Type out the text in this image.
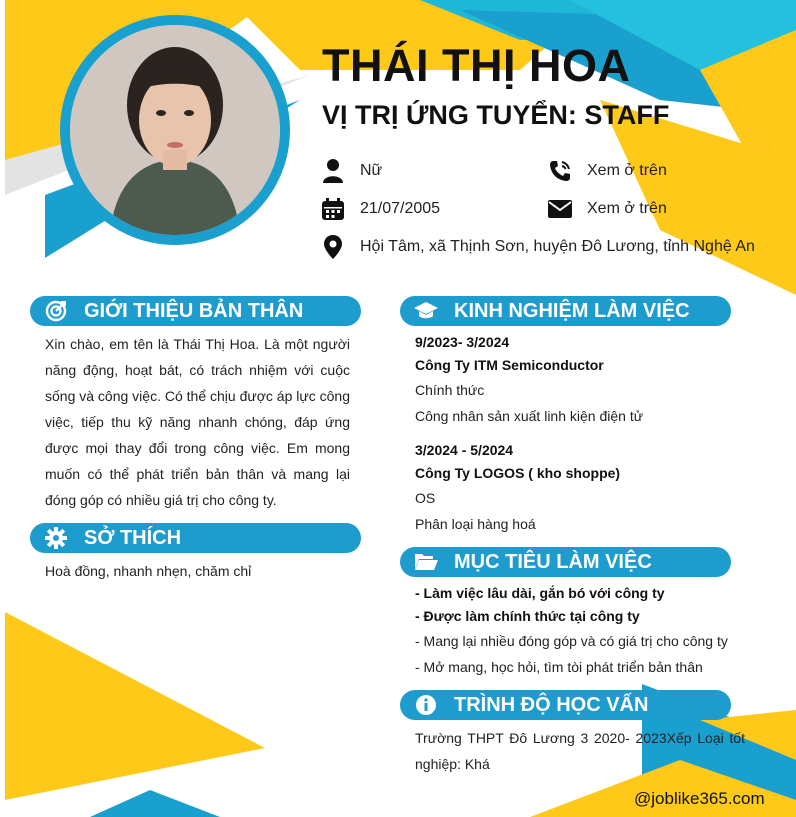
THÁI THỊ HOA
VỊ TRỊ ỨNG TUYỂN: STAFF
Nữ	Xem ở trên
21/07/2005	Xem ở trên
Hội Tâm, xã Thịnh Sơn, huyện Đô Lương, tỉnh Nghệ An
GIỚI THIỆU BẢN THÂN
Xin chào, em tên là Thái Thị Hoa. Là một người năng động, hoạt bát, có trách nhiệm với cuộc sống và công việc. Có thể chịu được áp lực công việc, tiếp thu kỹ năng nhanh chóng, đáp ứng được mọi thay đổi trong công việc. Em mong muốn có thể phát triển bản thân và mang lại đóng góp có nhiều giá trị cho công ty.
SỞ THÍCH
Hoà đồng, nhanh nhẹn, chăm chỉ
KINH NGHIỆM LÀM VIỆC
9/2023- 3/2024
Công Ty ITM Semiconductor
Chính thức
Công nhân sản xuất linh kiện điện tử
3/2024 - 5/2024
Công Ty LOGOS ( kho shoppe)
OS
Phân loại hàng hoá
MỤC TIÊU LÀM VIỆC
- Làm việc lâu dài, gắn bó với công ty
- Được làm chính thức tại công ty
- Mang lại nhiều đóng góp và có giá trị cho công ty
- Mở mang, học hỏi, tìm tòi phát triển bản thân
TRÌNH ĐỘ HỌC VẤN
Trường THPT Đô Lương 3 2020- 2023Xếp Loại tốt nghiệp: Khá
@joblike365.com
